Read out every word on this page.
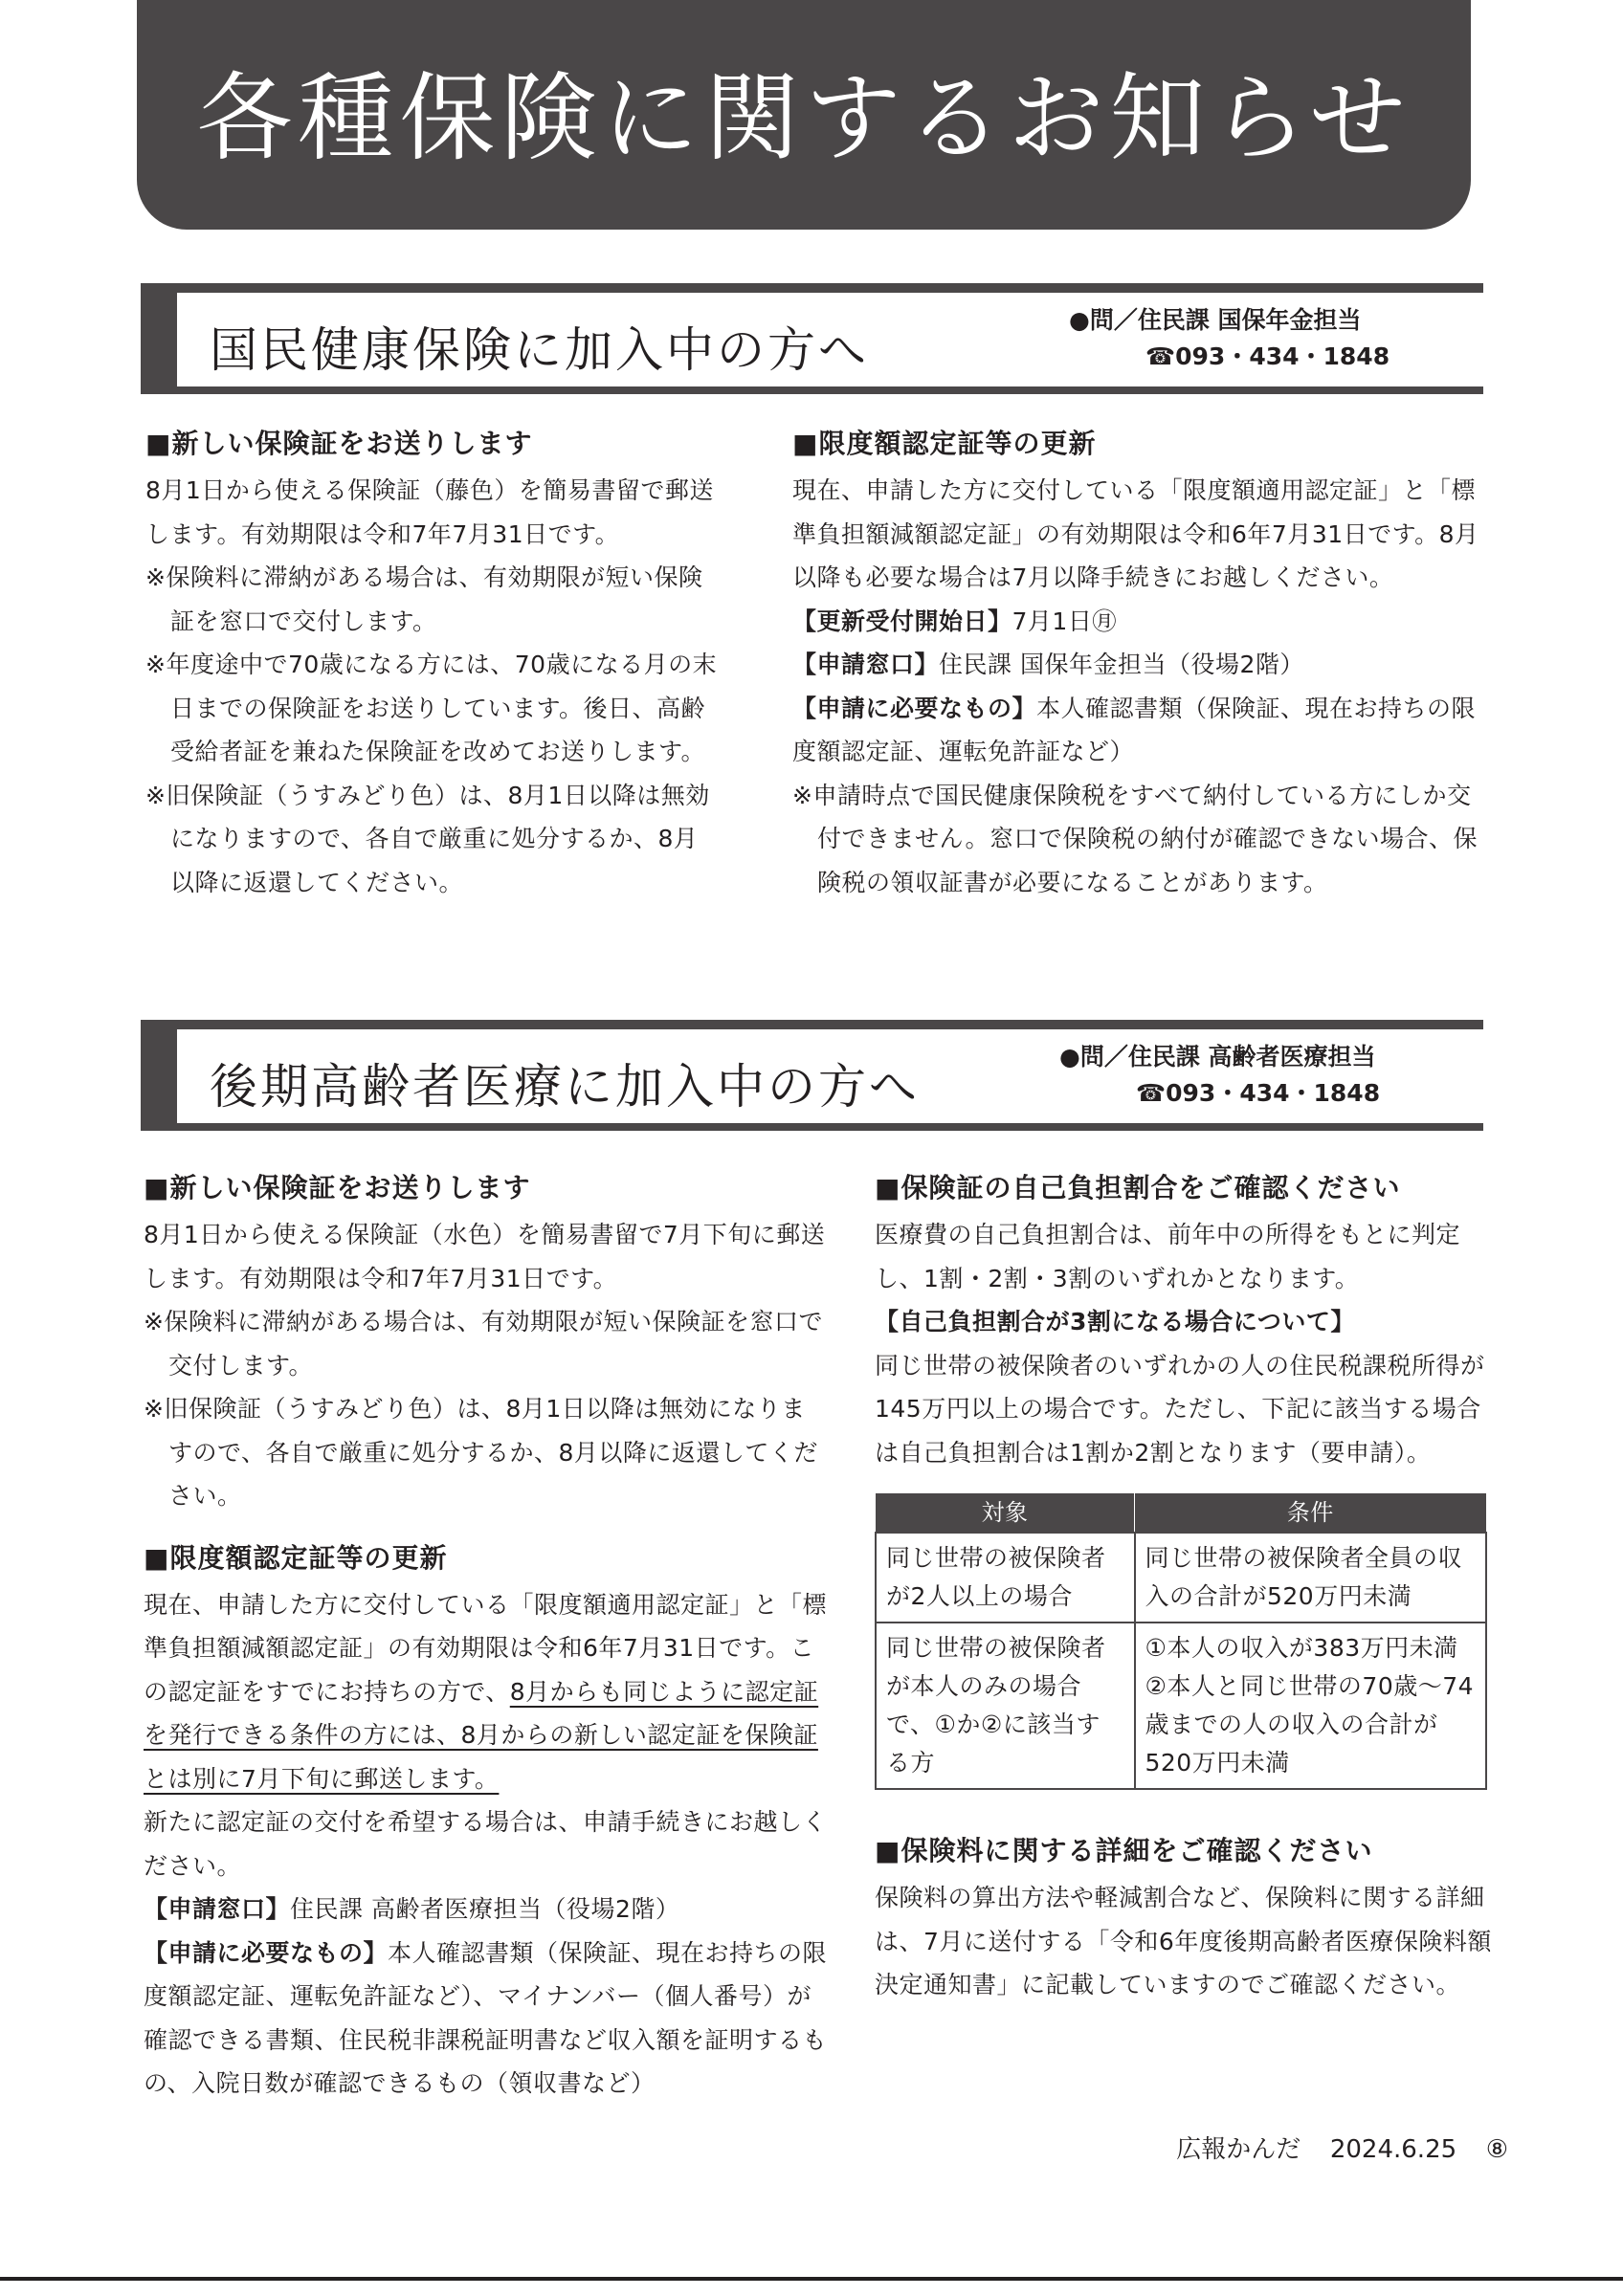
各種保険に関するお知らせ
国民健康保険に加入中の方へ
●問／住民課 国保年金担当
☎093・434・1848
■新しい保険証をお送りします

8月1日から使える保険証（藤色）を簡易書留で郵送します。有効期限は令和7年7月31日です。

※保険料に滞納がある場合は、有効期限が短い保険証を窓口で交付します。

※年度途中で70歳になる方には、70歳になる月の末日までの保険証をお送りしています。後日、高齢受給者証を兼ねた保険証を改めてお送りします。

※旧保険証（うすみどり色）は、8月1日以降は無効になりますので、各自で厳重に処分するか、8月以降に返還してください。

■限度額認定証等の更新

現在、申請した方に交付している「限度額適用認定証」と「標準負担額減額認定証」の有効期限は令和6年7月31日です。8月以降も必要な場合は7月以降手続きにお越しください。

【更新受付開始日】7月1日㊊

【申請窓口】住民課 国保年金担当（役場2階）

【申請に必要なもの】本人確認書類（保険証、現在お持ちの限度額認定証、運転免許証など）

※申請時点で国民健康保険税をすべて納付している方にしか交付できません。窓口で保険税の納付が確認できない場合、保険税の領収証書が必要になることがあります。

後期高齢者医療に加入中の方へ
●問／住民課 高齢者医療担当
☎093・434・1848
■新しい保険証をお送りします

8月1日から使える保険証（水色）を簡易書留で7月下旬に郵送します。有効期限は令和7年7月31日です。

※保険料に滞納がある場合は、有効期限が短い保険証を窓口で交付します。

※旧保険証（うすみどり色）は、8月1日以降は無効になりますので、各自で厳重に処分するか、8月以降に返還してください。

■限度額認定証等の更新

現在、申請した方に交付している「限度額適用認定証」と「標準負担額減額認定証」の有効期限は令和6年7月31日です。この認定証をすでにお持ちの方で、8月からも同じように認定証を発行できる条件の方には、8月からの新しい認定証を保険証とは別に7月下旬に郵送します。

新たに認定証の交付を希望する場合は、申請手続きにお越しください。

【申請窓口】住民課 高齢者医療担当（役場2階）

【申請に必要なもの】本人確認書類（保険証、現在お持ちの限度額認定証、運転免許証など）、マイナンバー（個人番号）が確認できる書類、住民税非課税証明書など収入額を証明するもの、入院日数が確認できるもの（領収書など）

■保険証の自己負担割合をご確認ください

医療費の自己負担割合は、前年中の所得をもとに判定し、1割・2割・3割のいずれかとなります。

【自己負担割合が3割になる場合について】

同じ世帯の被保険者のいずれかの人の住民税課税所得が145万円以上の場合です。ただし、下記に該当する場合は自己負担割合は1割か2割となります（要申請）。

対象	条件
同じ世帯の被保険者が2人以上の場合	同じ世帯の被保険者全員の収入の合計が520万円未満
同じ世帯の被保険者が本人のみの場合で、①か②に該当する方	①本人の収入が383万円未満
②本人と同じ世帯の70歳〜74歳までの人の収入の合計が520万円未満
■保険料に関する詳細をご確認ください

保険料の算出方法や軽減割合など、保険料に関する詳細は、7月に送付する「令和6年度後期高齢者医療保険料額決定通知書」に記載していますのでご確認ください。

広報かんだ 2024.6.25 ⑧
